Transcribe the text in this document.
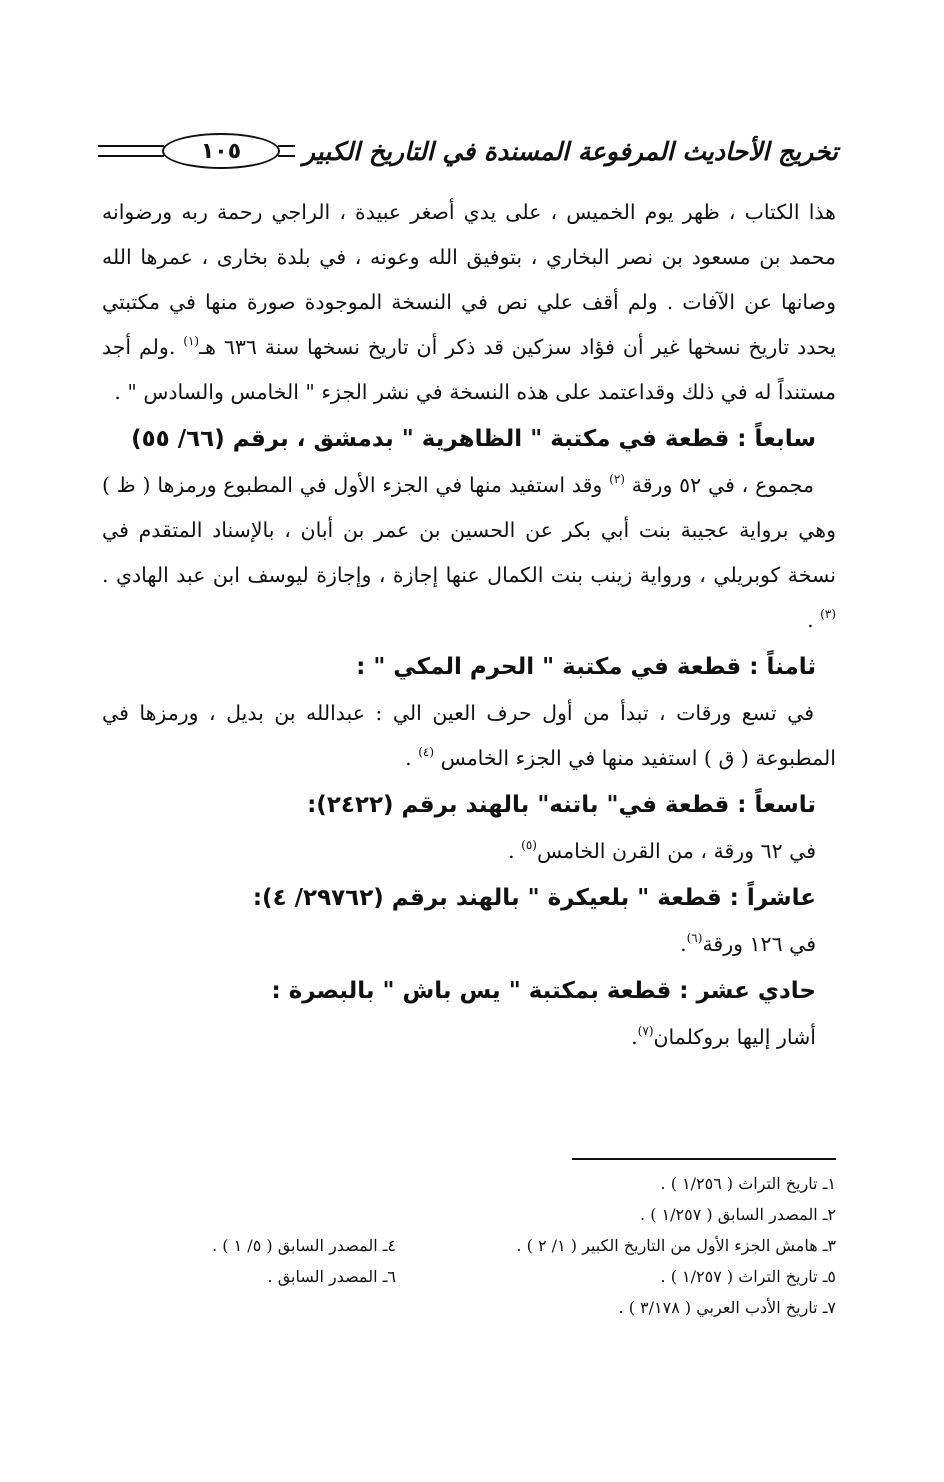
تخريج الأحاديث المرفوعة المسندة في التاريخ الكبير
١٠٥

هذا الكتاب ، ظهر يوم الخميس ، على يدي أصغر عبيدة ، الراجي رحمة ربه ورضوانه محمد بن مسعود بن نصر البخاري ، بتوفيق الله وعونه ، في بلدة بخارى ، عمرها الله وصانها عن الآفات . ولم أقف علي نص في النسخة الموجودة صورة منها في مكتبتي يحدد تاريخ نسخها غير أن فؤاد سزكين قد ذكر أن تاريخ نسخها سنة ٦٣٦ هـ$^{(١)}$ .ولم أجد مستنداً له في ذلك وقداعتمد على هذه النسخة في نشر الجزء " الخامس والسادس " .

سابعاً : قطعة في مكتبة " الظاهرية " بدمشق ، برقم (٦٦/ ٥٥)

مجموع ، في ٥٢ ورقة $^{(٢)}$ وقد استفيد منها في الجزء الأول في المطبوع ورمزها ( ظ ) وهي برواية عجيبة بنت أبي بكر عن الحسين بن عمر بن أبان ، بالإسناد المتقدم في نسخة كوبريلي ، ورواية زينب بنت الكمال عنها إجازة ، وإجازة ليوسف ابن عبد الهادي .$^{(٣)}$ .

ثامناً : قطعة في مكتبة " الحرم المكي " :

في تسع ورقات ، تبدأ من أول حرف العين الي : عبدالله بن بديل ، ورمزها في المطبوعة ( ق ) استفيد منها في الجزء الخامس $^{(٤)}$ .

تاسعاً : قطعة في" باتنه" بالهند برقم (٢٤٢٢):

في ٦٢ ورقة ، من القرن الخامس$^{(٥)}$ .

عاشراً : قطعة " بلعيكرة " بالهند برقم (٢٩٧٦٢/ ٤):

في ١٢٦ ورقة$^{(٦)}$.

حادي عشر : قطعة بمكتبة " يس باش " بالبصرة :

أشار إليها بروكلمان$^{(٧)}$.

١ـ تاريخ التراث ( ١/٢٥٦ ) .
٢ـ المصدر السابق ( ١/٢٥٧ ) .
٣ـ هامش الجزء الأول من التاريخ الكبير ( ١/ ٢ ) .
٤ـ المصدر السابق ( ٥/ ١ ) .
٥ـ تاريخ التراث ( ١/٢٥٧ ) .
٦ـ المصدر السابق .
٧ـ تاريخ الأدب العربي ( ٣/١٧٨ ) .
